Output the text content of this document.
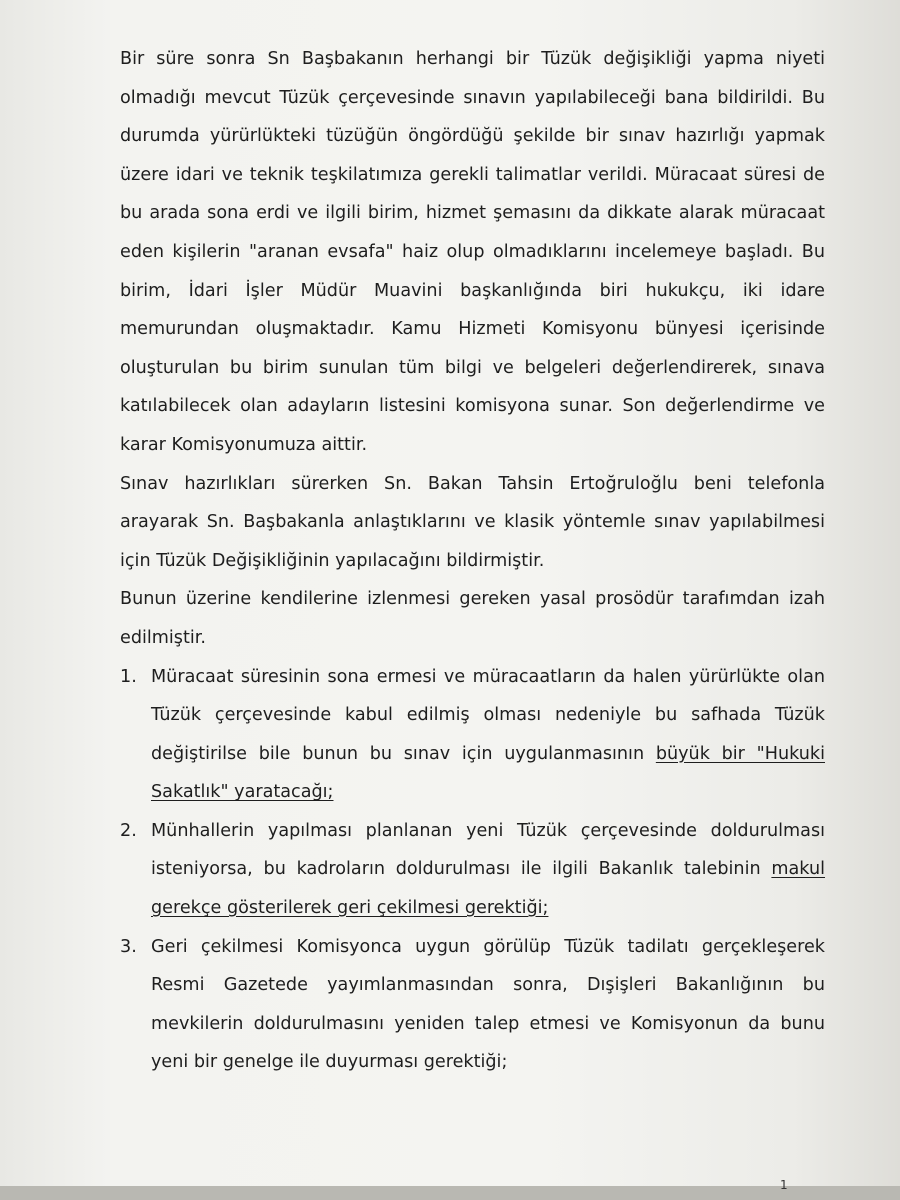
Bir süre sonra Sn Başbakanın herhangi bir Tüzük değişikliği yapma niyeti olmadığı mevcut Tüzük çerçevesinde sınavın yapılabileceği bana bildirildi. Bu durumda yürürlükteki tüzüğün öngördüğü şekilde bir sınav hazırlığı yapmak üzere idari ve teknik teşkilatımıza gerekli talimatlar verildi. Müracaat süresi de bu arada sona erdi ve ilgili birim, hizmet şemasını da dikkate alarak müracaat eden kişilerin "aranan evsafa" haiz olup olmadıklarını incelemeye başladı. Bu birim, İdari İşler Müdür Muavini başkanlığında biri hukukçu, iki idare memurundan oluşmaktadır. Kamu Hizmeti Komisyonu bünyesi içerisinde oluşturulan bu birim sunulan tüm bilgi ve belgeleri değerlendirerek, sınava katılabilecek olan adayların listesini komisyona sunar. Son değerlendirme ve karar Komisyonumuza aittir.

Sınav hazırlıkları sürerken Sn. Bakan Tahsin Ertoğruloğlu beni telefonla arayarak Sn. Başbakanla anlaştıklarını ve klasik yöntemle sınav yapılabilmesi için Tüzük Değişikliğinin yapılacağını bildirmiştir.

Bunun üzerine kendilerine izlenmesi gereken yasal prosödür tarafımdan izah edilmiştir.

1. Müracaat süresinin sona ermesi ve müracaatların da halen yürürlükte olan Tüzük çerçevesinde kabul edilmiş olması nedeniyle bu safhada Tüzük değiştirilse bile bunun bu sınav için uygulanmasının büyük bir "Hukuki Sakatlık" yaratacağı;
2. Münhallerin yapılması planlanan yeni Tüzük çerçevesinde doldurulması isteniyorsa, bu kadroların doldurulması ile ilgili Bakanlık talebinin makul gerekçe gösterilerek geri çekilmesi gerektiği;
3. Geri çekilmesi Komisyonca uygun görülüp Tüzük tadilatı gerçekleşerek Resmi Gazetede yayımlanmasından sonra, Dışişleri Bakanlığının bu mevkilerin doldurulmasını yeniden talep etmesi ve Komisyonun da bunu yeni bir genelge ile duyurması gerektiği;
1
